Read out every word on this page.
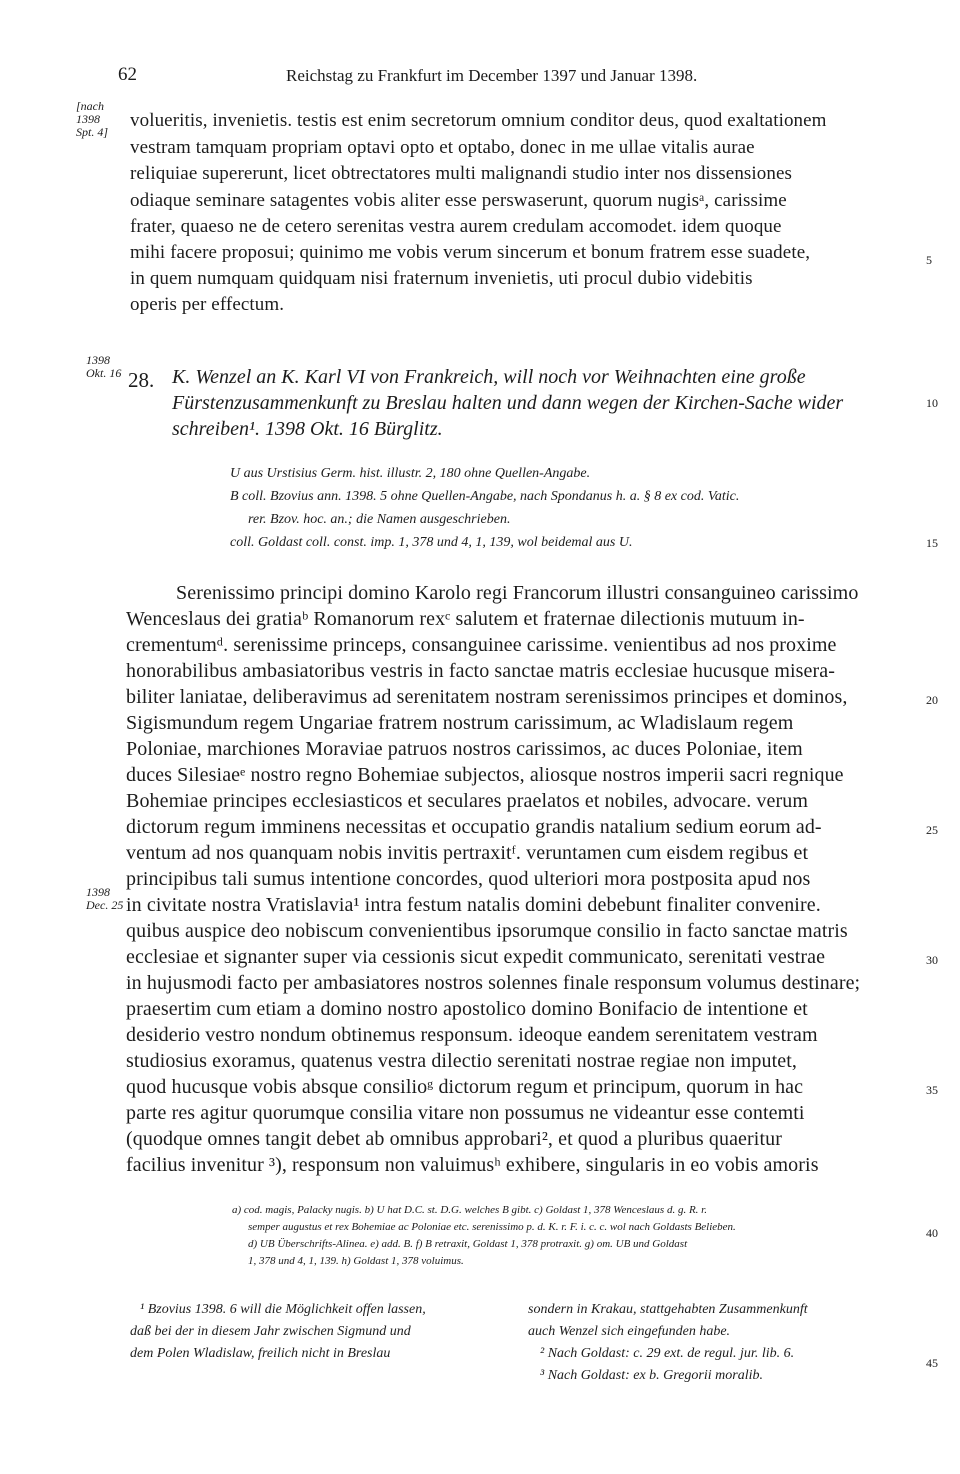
62	Reichstag zu Frankfurt im December 1397 und Januar 1398.
[nach 1398 Spt. 4]
1398 Okt. 16
1398 Dec. 25
5
10
15
20
25
30
35
40
45
volueritis, invenietis. testis est enim secretorum omnium conditor deus, quod exaltationem
vestram tamquam propriam optavi opto et optabo, donec in me ullae vitalis aurae
reliquiae supererunt, licet obtrectatores multi malignandi studio inter nos dissensiones
odiaque seminare satagentes vobis aliter esse perswaserunt, quorum nugisᵃ, carissime
frater, quaeso ne de cetero serenitas vestra aurem credulam accomodet. idem quoque
mihi facere proposui; quinimo me vobis verum sincerum et bonum fratrem esse suadete,
in quem numquam quidquam nisi fraternum invenietis, uti procul dubio videbitis
operis per effectum.
28. K. Wenzel an K. Karl VI von Frankreich, will noch vor Weihnachten eine große
Fürstenzusammenkunft zu Breslau halten und dann wegen der Kirchen-Sache wider
schreiben¹. 1398 Okt. 16 Bürglitz.
U aus Urstisius Germ. hist. illustr. 2, 180 ohne Quellen-Angabe.
B coll. Bzovius ann. 1398. 5 ohne Quellen-Angabe, nach Spondanus h. a. § 8 ex cod. Vatic.
rer. Bzov. hoc. an.; die Namen ausgeschrieben.
coll. Goldast coll. const. imp. 1, 378 und 4, 1, 139, wol beidemal aus U.
Serenissimo principi domino Karolo regi Francorum illustri consanguineo carissimo
Wenceslaus dei gratiaᵇ Romanorum rexᶜ salutem et fraternae dilectionis mutuum in-
crementumᵈ. serenissime princeps, consanguinee carissime. venientibus ad nos proxime
honorabilibus ambasiatoribus vestris in facto sanctae matris ecclesiae hucusque misera-
biliter laniatae, deliberavimus ad serenitatem nostram serenissimos principes et dominos,
Sigismundum regem Ungariae fratrem nostrum carissimum, ac Wladislaum regem
Poloniae, marchiones Moraviae patruos nostros carissimos, ac duces Poloniae, item
duces Silesiaeᵉ nostro regno Bohemiae subjectos, aliosque nostros imperii sacri regnique
Bohemiae principes ecclesiasticos et seculares praelatos et nobiles, advocare. verum
dictorum regum imminens necessitas et occupatio grandis natalium sedium eorum ad-
ventum ad nos quanquam nobis invitis pertraxitᶠ. veruntamen cum eisdem regibus et
principibus tali sumus intentione concordes, quod ulteriori mora postposita apud nos
in civitate nostra Vratislavia¹ intra festum natalis domini debebunt finaliter convenire.
quibus auspice deo nobiscum convenientibus ipsorumque consilio in facto sanctae matris
ecclesiae et signanter super via cessionis sicut expedit communicato, serenitati vestrae
in hujusmodi facto per ambasiatores nostros solennes finale responsum volumus destinare;
praesertim cum etiam a domino nostro apostolico domino Bonifacio de intentione et
desiderio vestro nondum obtinemus responsum. ideoque eandem serenitatem vestram
studiosius exoramus, quatenus vestra dilectio serenitati nostrae regiae non imputet,
quod hucusque vobis absque consilioᵍ dictorum regum et principum, quorum in hac
parte res agitur quorumque consilia vitare non possumus ne videantur esse contemti
(quodque omnes tangit debet ab omnibus approbari², et quod a pluribus quaeritur
facilius invenitur ³), responsum non valuimusʰ exhibere, singularis in eo vobis amoris
a) cod. magis, Palacky nugis. b) U hat D.C. st. D.G. welches B gibt. c) Goldast 1, 378 Wenceslaus d. g. R. r.
semper augustus et rex Bohemiae ac Poloniae etc. serenissimo p. d. K. r. F. i. c. c. wol nach Goldasts Belieben.
d) UB Überschrifts-Alinea. e) add. B. f) B retraxit, Goldast 1, 378 protraxit. g) om. UB und Goldast
1, 378 und 4, 1, 139. h) Goldast 1, 378 voluimus.
¹ Bzovius 1398. 6 will die Möglichkeit offen lassen,
daß bei der in diesem Jahr zwischen Sigmund und
dem Polen Wladislaw, freilich nicht in Breslau
sondern in Krakau, stattgehabten Zusammenkunft
auch Wenzel sich eingefunden habe.
² Nach Goldast: c. 29 ext. de regul. jur. lib. 6.
³ Nach Goldast: ex b. Gregorii moralib.
